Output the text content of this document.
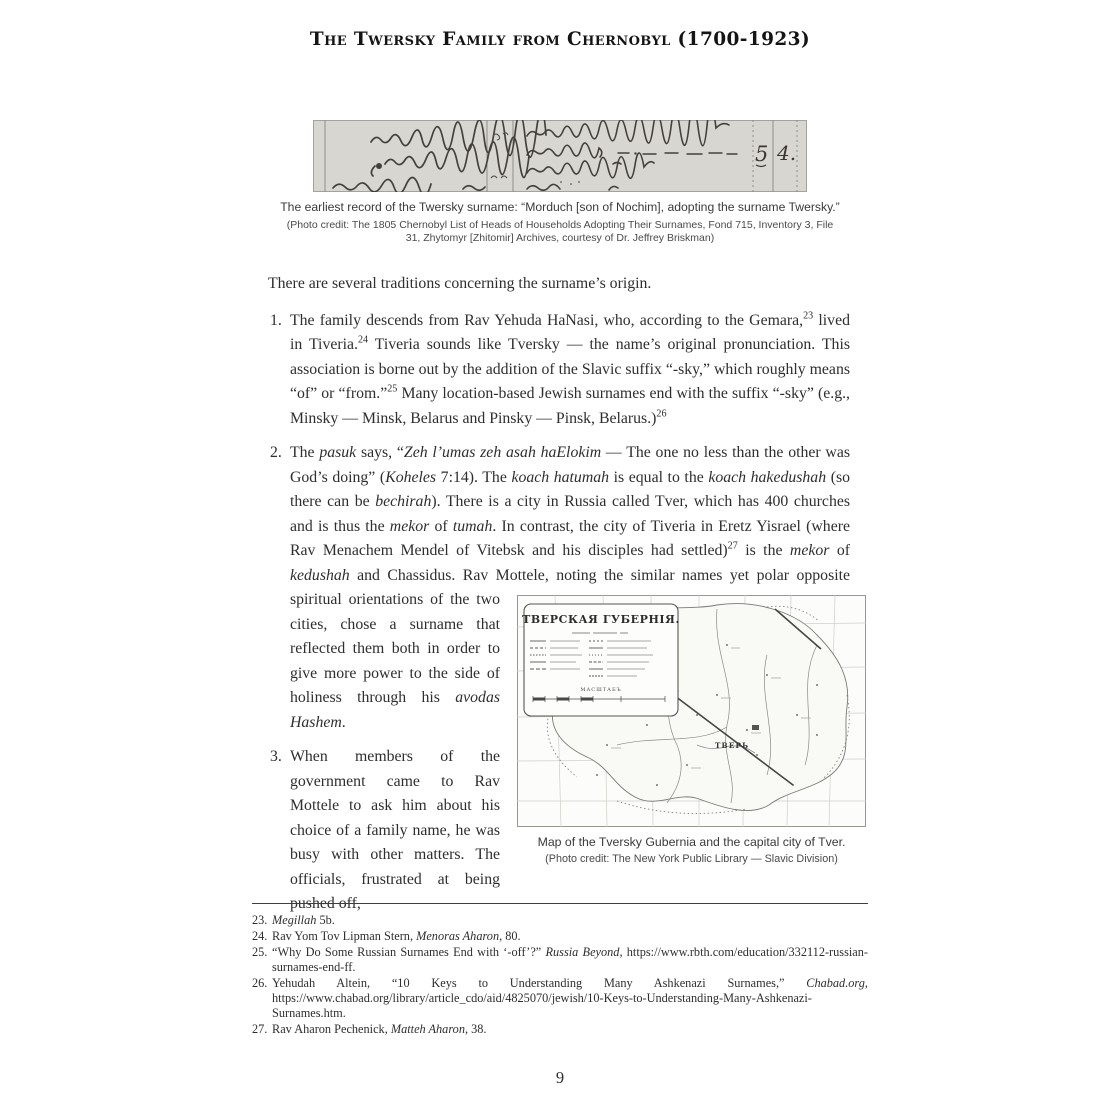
The Twersky Family from Chernobyl (1700-1923)
5 4.

The earliest record of the Twersky surname: “Morduch [son of Nochim], adopting the surname Twersky.”

(Photo credit: The 1805 Chernobyl List of Heads of Households Adopting Their Surnames, Fond 715, Inventory 3, File 31, Zhytomyr [Zhitomir] Archives, courtesy of Dr. Jeffrey Briskman)

There are several traditions concerning the surname’s origin.

1. The family descends from Rav Yehuda HaNasi, who, according to the Gemara,$^{23}$ lived in Tiveria.$^{24}$ Tiveria sounds like Tversky — the name’s original pronunciation. This association is borne out by the addition of the Slavic suffix “-sky,” which roughly means “of” or “from.”$^{25}$ Many location-based Jewish surnames end with the suffix “-sky” (e.g., Minsky — Minsk, Belarus and Pinsky — Pinsk, Belarus.)$^{26}$
2. The pasuk says, “Zeh l’umas zeh asah haElokim — The one no less than the other was God’s doing” (Koheles 7:14). The koach hatumah is equal to the koach hakedushah (so there can be bechirah). There is a city in Russia called Tver, which has 400 churches and is thus the mekor of tumah. In contrast, the city of Tiveria in Eretz Yisrael (where Rav Menachem Mendel of Vitebsk and his disciples had settled)$^{27}$ is the mekor of kedushah and Chassidus. Rav Mottele, noting the similar names yet
ТВЕРЬ
ТВЕРСКАЯ ГУБЕРНІЯ.
МАСШТАБЪ
Map of the Tversky Gubernia and the capital city of Tver.
(Photo credit: The New York Public Library — Slavic Division)
polar opposite spiritual orientations of the two cities, chose a surname that reflected them both in order to give more power to the side of holiness through his avodas Hashem.
3. When members of the government came to Rav Mottele to ask him about his choice of a family name, he was busy with other matters. The officials, frustrated at being pushed off,

23. Megillah 5b.

24. Rav Yom Tov Lipman Stern, Menoras Aharon, 80.

25. “Why Do Some Russian Surnames End with ‘-off’?” Russia Beyond, https://www.rbth.com/education/332112-russian-surnames-end-ff.

26. Yehudah Altein, “10 Keys to Understanding Many Ashkenazi Surnames,” Chabad.org, https://www.chabad.org/library/article_cdo/aid/4825070/jewish/10-Keys-to-Understanding-Many-Ashkenazi-Surnames.htm.

27. Rav Aharon Pechenick, Matteh Aharon, 38.

9
